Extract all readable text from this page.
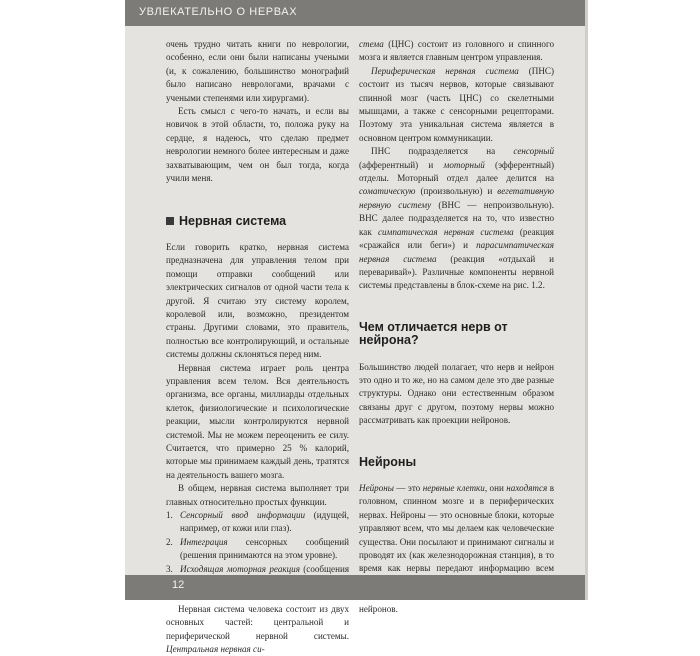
УВЛЕКАТЕЛЬНО О НЕРВАХ

очень трудно читать книги по неврологии, особенно, если они были написаны учеными (и, к сожалению, большинство монографий было написано неврологами, врачами с учеными степенями или хирургами).

Есть смысл с чего-то начать, и если вы новичок в этой области, то, положа руку на сердце, я надеюсь, что сделаю предмет неврологии немного более интересным и даже захватывающим, чем он был тогда, когда учили меня.

Нервная система

Если говорить кратко, нервная система предназначена для управления телом при помощи отправки сообщений или электрических сигналов от одной части тела к другой. Я считаю эту систему королем, королевой или, возможно, президентом страны. Другими словами, это правитель, полностью все контролирующий, и остальные системы должны склоняться перед ним.

Нервная система играет роль центра управления всем телом. Вся деятельность организма, все органы, миллиарды отдельных клеток, физиологические и психологические реакции, мысли контролируются нервной системой. Мы не можем переоценить ее силу. Считается, что примерно 25 % калорий, которые мы принимаем каждый день, тратятся на деятельность вашего мозга.

В общем, нервная система выполняет три главных относительно простых функции.

1. Сенсорный ввод информации (идущей, например, от кожи или глаз).
2. Интеграция сенсорных сообщений (решения принимаются на этом уровне).
3. Исходящая моторная реакция (сообщения

Нервная система человека состоит из двух основных частей: центральной и периферической нервной системы. Центральная нервная си-

стема (ЦНС) состоит из головного и спинного мозга и является главным центром управления.

Периферическая нервная система (ПНС) состоит из тысяч нервов, которые связывают спинной мозг (часть ЦНС) со скелетными мышцами, а также с сенсорными рецепторами. Поэтому эта уникальная система является в основном центром коммуникации.

ПНС подразделяется на сенсорный (афферентный) и моторный (эфферентный) отделы. Моторный отдел далее делится на соматическую (произвольную) и вегетативную нервную систему (ВНС — непроизвольную). ВНС далее подразделяется на то, что известно как симпатическая нервная система (реакция «сражайся или беги») и парасимпатическая нервная система (реакция «отдыхай и переваривай»). Различные компоненты нервной системы представлены в блок-схеме на рис. 1.2.

Чем отличается нерв от нейрона?

Большинство людей полагает, что нерв и нейрон это одно и то же, но на самом деле это две разные структуры. Однако они естественным образом связаны друг с другом, поэтому нервы можно рассматривать как проекции нейронов.

Нейроны

Нейроны — это нервные клетки, они находятся в головном, спинном мозге и в периферических нервах. Нейроны — это основные блоки, которые управляют всем, что мы делаем как человеческие существа. Они посылают и принимают сигналы и проводят их (как железнодорожная станция), в то время как нервы передают информацию всем нейронов.

12
